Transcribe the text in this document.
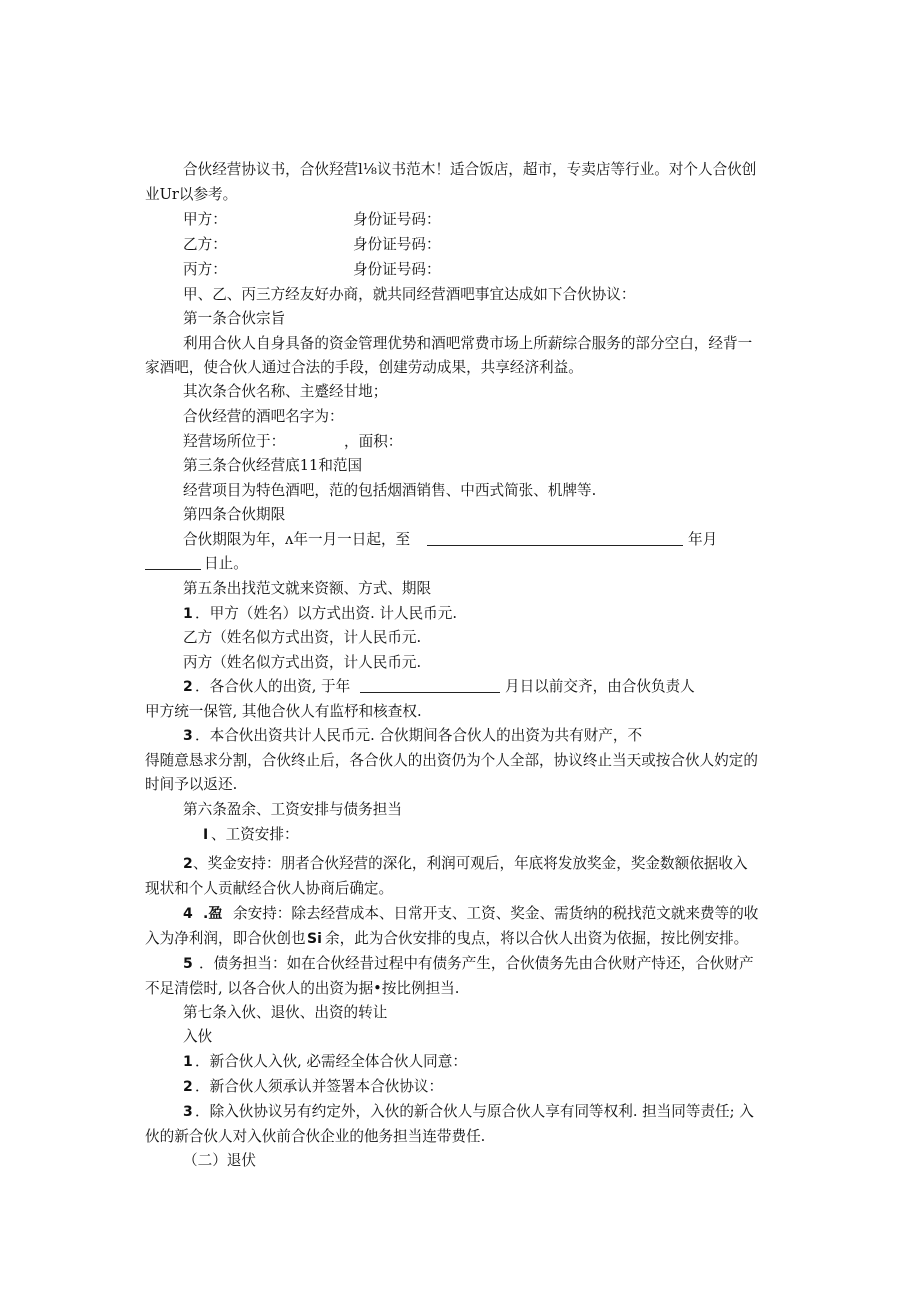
合伙经营协议书，合伙羟营l⅛议书范木！适合饭店，超市，专卖店等行业。对个人合伙创
业Ur以参考。
甲方：	身份证号码：
乙方：	身份证号码：
丙方：	身份证号码：
甲、乙、丙三方经友好办商，就共同经营酒吧事宜达成如下合伙协议：
第一条合伙宗旨
利用合伙人自身具备的资金管理优势和酒吧常费市场上所薪综合服务的部分空白，经背一
家酒吧，使合伙人通过合法的手段，创建劳动成果，共享经济利益。
其次条合伙名称、主蹙经甘地；
合伙经营的酒吧名字为：
羟营场所位于：	，面积：
第三条合伙经营底11和范国
经营项目为特色酒吧，范的包括烟酒销售、中西式简张、机牌等.
第四条合伙期限
合伙期限为年，ʌ年一月一日起，至	年月
日止。
第五条出找范文就来资额、方式、期限
1 ．甲方（姓名）以方式出资. 计人民币元.
乙方（姓名似方式出资，计人民币元.
丙方（姓名似方式出资，计人民币元.
2 ．各合伙人的出资, 于年	月日以前交齐，由合伙负责人
甲方统一保管, 其他合伙人有监杼和核查权.
3 ．本合伙出资共计人民币元. 合伙期间各合伙人的出资为共有财产，不
得随意恳求分割，合伙终止后，各合伙人的出资仍为个人全部，协议终止当天或按合伙人妁定的
时间予以返还.
第六条盈余、工资安排与债务担当
I 、工资安排：
2 、奖金安持：朋者合伙羟营的深化，利润可观后，年底将发放奖金，奖金数额依据收入
现状和个人贡献经合伙人协商后确定。
4 .盈 余安持：除去经营成本、日常开支、工资、奖金、需货纳的税找范文就来费等的收
入为净利润，即合伙创也 Si 余，此为合伙安排的曳点，将以合伙人出资为依掘，按比例安排。
5 ．债务担当：如在合伙经昔过程中有债务产生，合伙债务先由合伙财产恃还，合伙财产
不足清偿时, 以各合伙人的出资为据•按比例担当.
第七条入伙、退伙、出资的转让
入伙
1 ．新合伙人入伙, 必需经全体合伙人同意：
2 ．新合伙人须承认并签署本合伙协议：
3 ．除入伙协议另有约定外，入伙的新合伙人与原合伙人享有同等权利. 担当同等责任; 入
伙的新合伙人对入伙前合伙企业的他务担当连带费任.
（二）退伏
